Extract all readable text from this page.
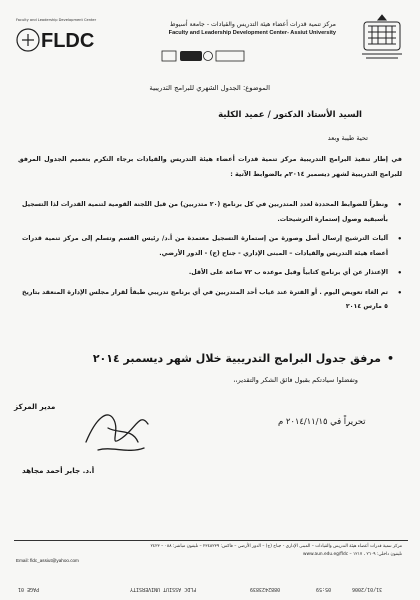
Faculty and Leadership Development Center
FLDC
مركز تنمية قدرات أعضاء هيئة التدريس والقيادات - جامعة أسيوط
Faculty and Leadership Development Center- Assiut University
الموضوع: الجدول الشهري للبرامج التدريبية
السيد الأستاذ الدكتور / عميد الكلية
تحية طيبة وبعد
في إطار تنفيذ البرامج التدريبية مركز تنمية قدرات أعضاء هيئة التدريس والقيادات برجاء التكرم بتعميم الجدول المرفق للبرامج التدريبية لشهر ديسمبر ٢٠١٤م بالضوابط الآتية :
•
ونظراً للضوابط المحددة لعدد المتدربين في كل برنامج (٢٠ متدربين) من قبل اللجنة القومية لتنمية القدرات لذا التسجيل بأسبقية وصول إستمارة الترشيحات.
•
آليات الترشيح إرسال أصل وصورة من إستمارة التسجيل معتمدة من أ.د/ رئيس القسم وتسلم إلى مركز تنمية قدرات أعضاء هيئة التدريس والقيادات – المبنى الإداري - جناح (ج) - الدور الأرضي.
•
الإعتذار عن أي برنامج كتابياً وقبل موعده ب ٧٢ ساعة على الأقل.
•
تم الغاء تعويض اليوم . أو الفترة عند غياب أحد المتدربين في أي برنامج تدريبي طبقاً لقرار مجلس الإدارة المنعقد بتاريخ ٥ مارس ٢٠١٤
•مرفق جدول البرامج التدريبية خلال شهر ديسمبر ٢٠١٤
وتفضلوا سيادتكم بقبول فائق الشكر والتقدير،،
تحريراً في ٢٠١٤/١١/١٥ م
مدير المركز
أ.د. جابر أحمد مجاهد
مركز تنمية قدرات أعضاء هيئة التدريس والقيادات – المبنى الإداري - جناح (ج) – الدور الأرضي – فاكس: ٢٣٤٨٢٣٩ – تليفون مباشر: ٠٨٨ – ٢٤٢٣
تليفون داخلي: ٢٦٠٩ ، ١٢١٧ – www.aun.edu.eg/fldc
Email: fldc_assiut@yahoo.com
31/01/2006
05:59
0882423839
FLDC ASSIUT UNIVERSITY
PAGE 01
